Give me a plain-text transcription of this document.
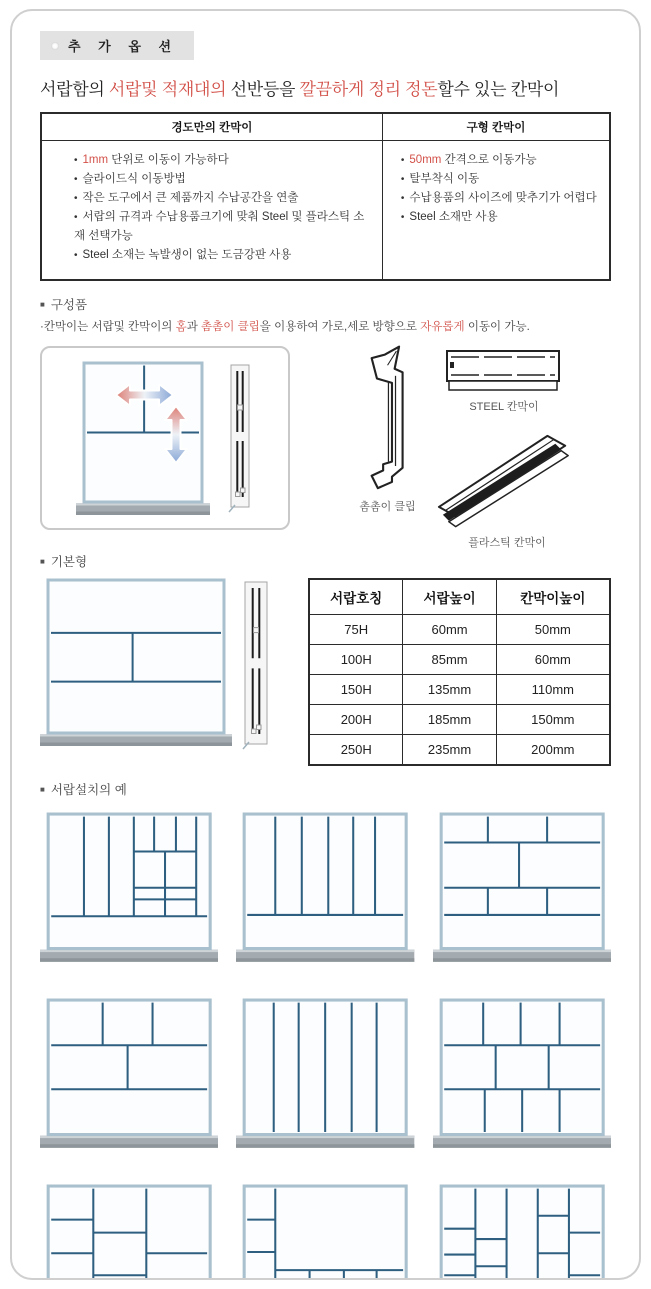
추 가 옵 션
서랍함의 서랍및 적재대의 선반등을 깔끔하게 정리 정돈할수 있는 칸막이
경도만의 칸막이	구형 칸막이

• 1mm 단위로 이동이 가능하다
• 슬라이드식 이동방법
• 작은 도구에서 큰 제품까지 수납공간을 연출
• 서랍의 규격과 수납용품크기에 맞춰 Steel 및 플라스틱 소재 선택가능
• Steel 소재는 녹발생이 없는 도금강판 사용

• 50mm 간격으로 이동가능
• 탈부착식 이동
• 수납용품의 사이즈에 맞추기가 어렵다
• Steel 소재만 사용
■ 구성품

·칸막이는 서랍및 칸막이의 홈과 촘촘이 클립을 이용하여 가로,세로 방향으로 자유롭게 이동이 가능.

촘촘이 클립
STEEL 칸막이
플라스틱 칸막이
■ 기본형
서랍호칭	서랍높이	칸막이높이
75H	60mm	50mm
100H	85mm	60mm
150H	135mm	110mm
200H	185mm	150mm
250H	235mm	200mm
■ 서랍설치의 예
